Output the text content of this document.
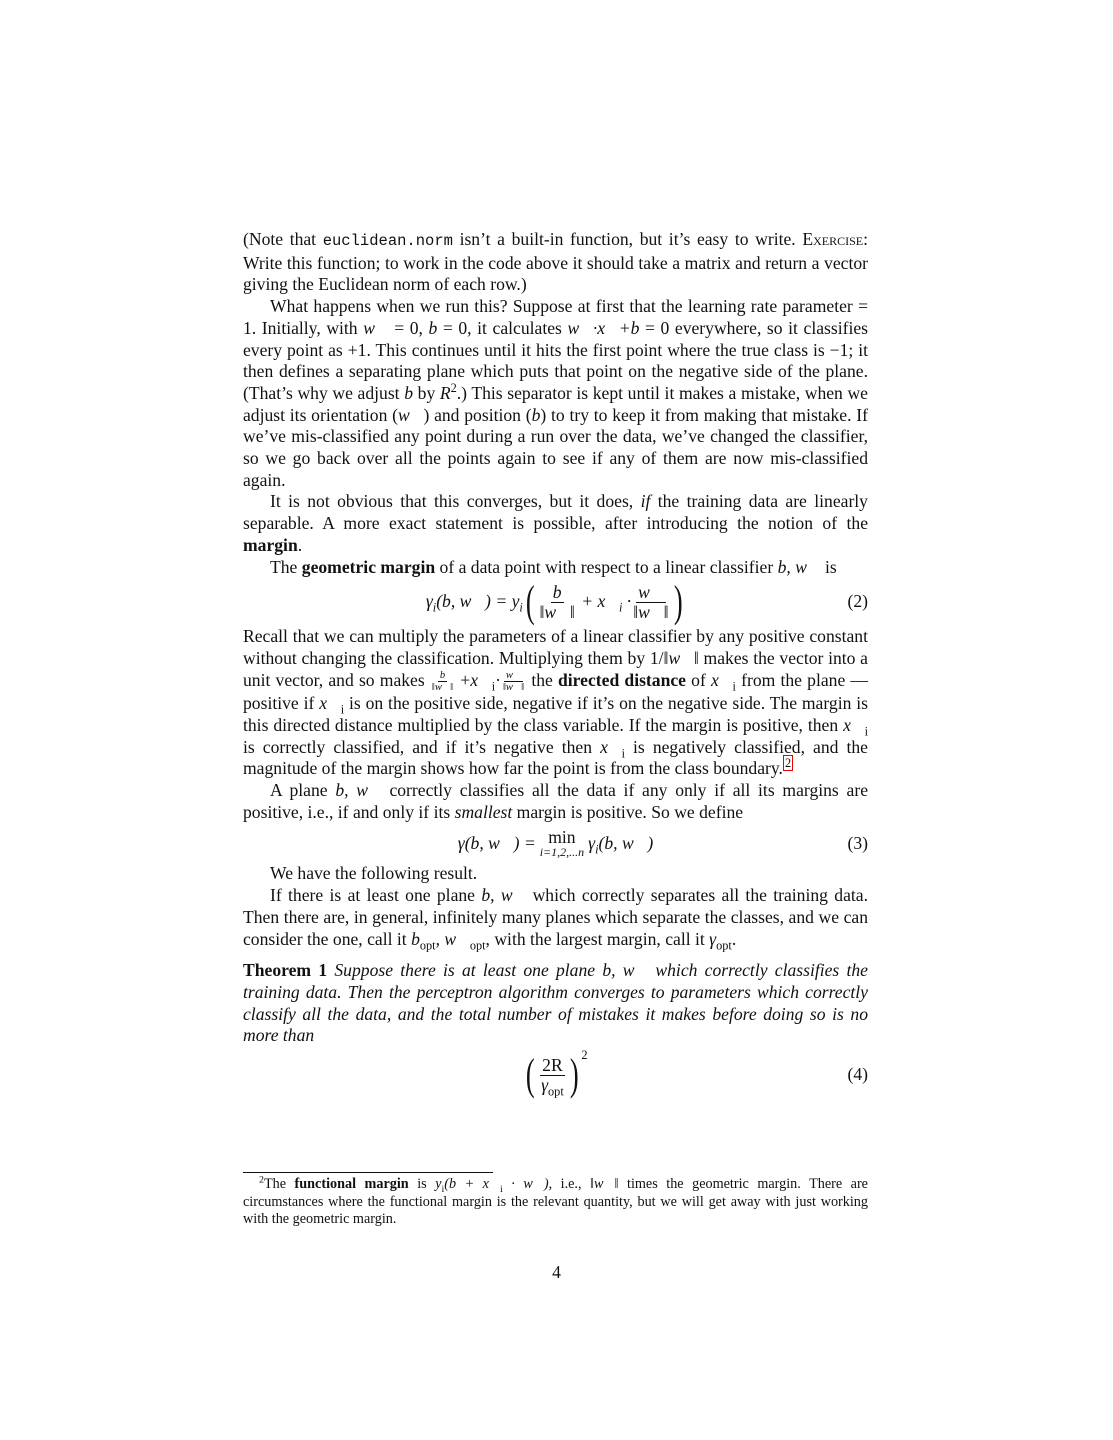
(Note that euclidean.norm isn’t a built-in function, but it’s easy to write. Exercise: Write this function; to work in the code above it should take a matrix and return a vector giving the Euclidean norm of each row.)

What happens when we run this? Suppose at first that the learning rate parameter = 1. Initially, with w⃗ = 0, b = 0, it calculates w⃗·x⃗+b = 0 everywhere, so it classifies every point as +1. This continues until it hits the first point where the true class is −1; it then defines a separating plane which puts that point on the negative side of the plane. (That’s why we adjust b by $R^2$.) This separator is kept until it makes a mistake, when we adjust its orientation (w⃗) and position (b) to try to keep it from making that mistake. If we’ve mis-classified any point during a run over the data, we’ve changed the classifier, so we go back over all the points again to see if any of them are now mis-classified again.

It is not obvious that this converges, but it does, if the training data are linearly separable. A more exact statement is possible, after introducing the notion of the margin.

The geometric margin of a data point with respect to a linear classifier b, w⃗ is

$\gamma_i(b$, w⃗) = $y_i$ ( $\frac{b}{‖w⃗‖}$ + $x⃗_i \cdot \frac{w⃗}{‖w⃗‖}$ )	(2)

Recall that we can multiply the parameters of a linear classifier by any positive constant without changing the classification. Multiplying them by 1/‖w⃗‖ makes the vector into a unit vector, and so makes $\frac{b}{‖w⃗‖}$ $+x⃗_i\cdot \frac{w⃗}{‖w⃗‖}$ the directed distance of $x⃗_i$ from the plane — positive if $x⃗_i$ is on the positive side, negative if it’s on the negative side. The margin is this directed distance multiplied by the class variable. If the margin is positive, then $x⃗_i$ is correctly classified, and if it’s negative then $x⃗_i$ is negatively classified, and the magnitude of the margin shows how far the point is from the class boundary. $^2$

A plane b, w⃗ correctly classifies all the data if any only if all its margins are positive, i.e., if and only if its smallest margin is positive. So we define

γ(b, w⃗) = min
i=1,2,...n $\gamma_i(b$, w⃗)	(3)

We have the following result.

If there is at least one plane b, w⃗ which correctly separates all the training data. Then there are, in general, infinitely many planes which separate the classes, and we can consider the one, call it $b_{opt}$, $w⃗_{opt}$, with the largest margin, call it $\gamma_{opt}$.

Theorem 1 Suppose there is at least one plane b, w⃗ which correctly classifies the training data. Then the perceptron algorithm converges to parameters which correctly classify all the data, and the total number of mistakes it makes before doing so is no more than

( $\frac{2R}{\gamma_{opt}} )^2$
(4)

$^2$The functional margin is $y_i(b$ + $x⃗_i$ · w⃗), i.e., ‖w⃗‖ times the geometric margin. There are circumstances where the functional margin is the relevant quantity, but we will get away with just working with the geometric margin.

4
